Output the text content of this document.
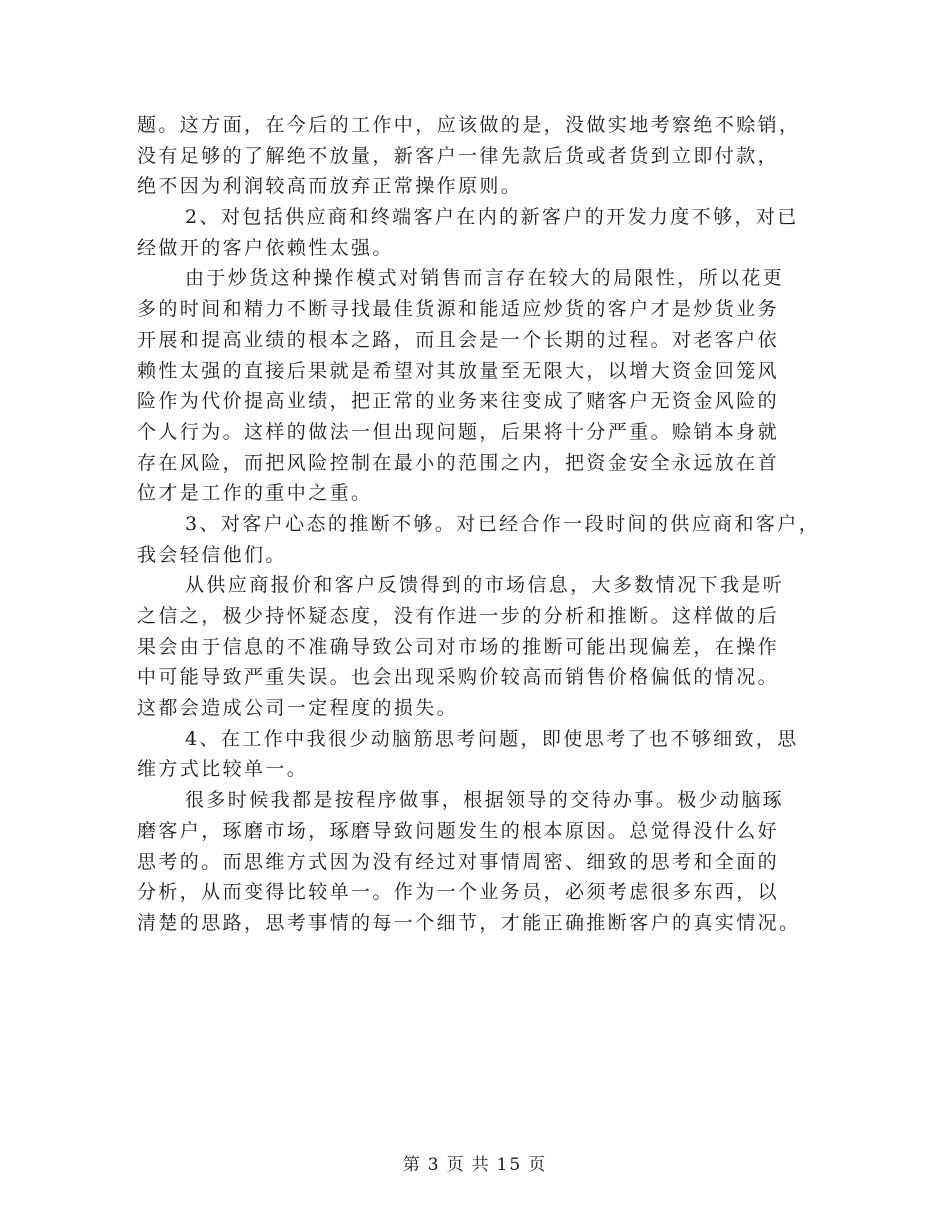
题。这方面，在今后的工作中，应该做的是，没做实地考察绝不赊销，
没有足够的了解绝不放量，新客户一律先款后货或者货到立即付款，
绝不因为利润较高而放弃正常操作原则。
2、对包括供应商和终端客户在内的新客户的开发力度不够，对已
经做开的客户依赖性太强。
由于炒货这种操作模式对销售而言存在较大的局限性，所以花更
多的时间和精力不断寻找最佳货源和能适应炒货的客户才是炒货业务
开展和提高业绩的根本之路，而且会是一个长期的过程。对老客户依
赖性太强的直接后果就是希望对其放量至无限大，以增大资金回笼风
险作为代价提高业绩，把正常的业务来往变成了赌客户无资金风险的
个人行为。这样的做法一但出现问题，后果将十分严重。赊销本身就
存在风险，而把风险控制在最小的范围之内，把资金安全永远放在首
位才是工作的重中之重。
3、对客户心态的推断不够。对已经合作一段时间的供应商和客户，
我会轻信他们。
从供应商报价和客户反馈得到的市场信息，大多数情况下我是听
之信之，极少持怀疑态度，没有作进一步的分析和推断。这样做的后
果会由于信息的不准确导致公司对市场的推断可能出现偏差，在操作
中可能导致严重失误。也会出现采购价较高而销售价格偏低的情况。
这都会造成公司一定程度的损失。
4、在工作中我很少动脑筋思考问题，即使思考了也不够细致，思
维方式比较单一。
很多时候我都是按程序做事，根据领导的交待办事。极少动脑琢
磨客户，琢磨市场，琢磨导致问题发生的根本原因。总觉得没什么好
思考的。而思维方式因为没有经过对事情周密、细致的思考和全面的
分析，从而变得比较单一。作为一个业务员，必须考虑很多东西，以
清楚的思路，思考事情的每一个细节，才能正确推断客户的真实情况。
第 3 页 共 15 页
